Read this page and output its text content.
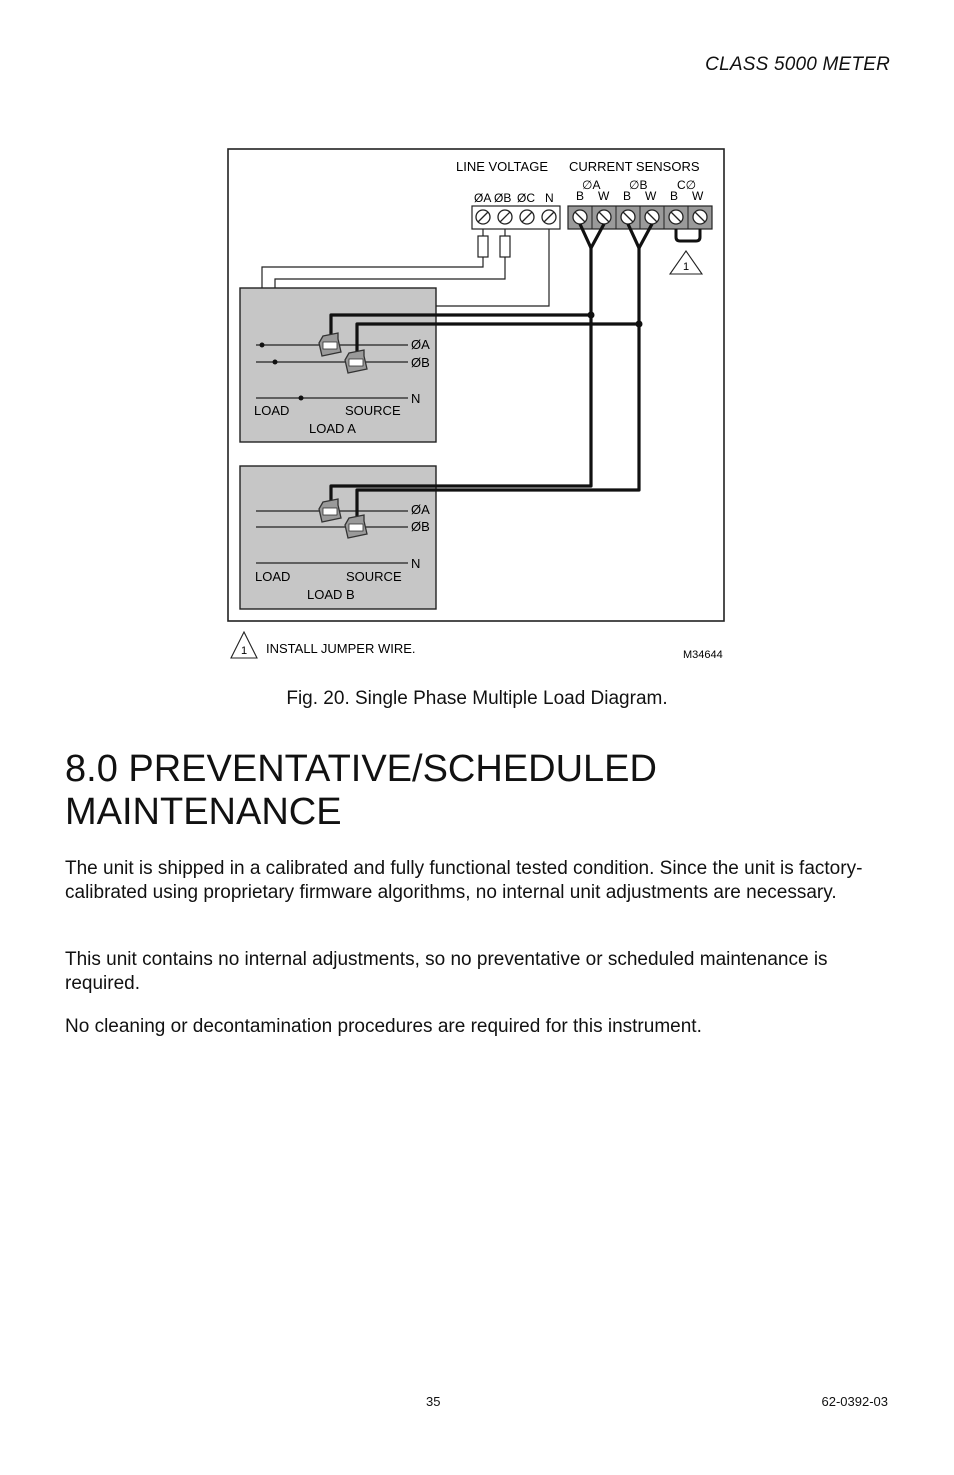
CLASS 5000 METER
LINE VOLTAGE CURRENT SENSORS
∅A ∅B C∅
ØA ØB ØC N B W B W B W
1
ØA
ØB
N
LOAD	SOURCE
LOAD A
ØA
ØB
N
LOAD	SOURCE
LOAD B
1 INSTALL JUMPER WIRE.	M34644
Fig. 20. Single Phase Multiple Load Diagram.
8.0 PREVENTATIVE/SCHEDULED
MAINTENANCE

The unit is shipped in a calibrated and fully functional tested condition. Since the unit is factory-calibrated using proprietary firmware algorithms, no internal unit adjustments are necessary.

This unit contains no internal adjustments, so no preventative or scheduled maintenance is required.

No cleaning or decontamination procedures are required for this instrument.

35	62-0392-03
